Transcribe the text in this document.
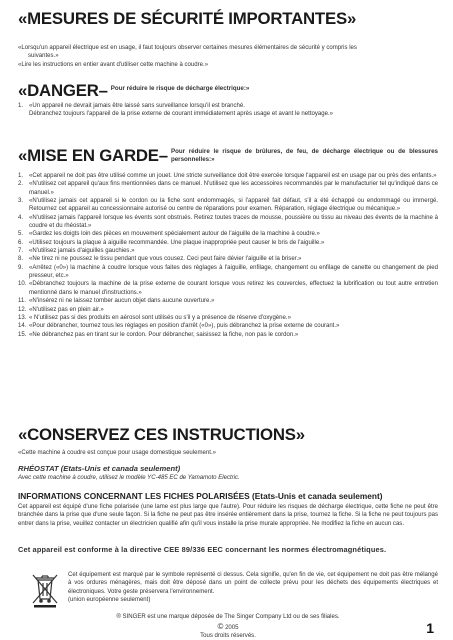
«MESURES DE SÉCURITÉ IMPORTANTES»
«Lorsqu'un appareil électrique est en usage, il faut toujours observer certaines mesures élémentaires de sécurité y compris les
suivantes.»
«Lire les instructions en entier avant d'utiliser cette machine à coudre.»
«DANGER– Pour réduire le risque de décharge électrique:»
1. «Un appareil ne devrait jamais être laissé sans surveillance lorsqu'il est branché.
Débranchez toujours l'appareil de la prise externe de courant immédiatement après usage et avant le nettoyage.»
«MISE EN GARDE– Pour réduire le risque de brûlures, de feu, de décharge électrique ou de blessures personnelles:»
1. «Cet appareil ne doit pas être utilisé comme un jouet. Une stricte surveillance doit être exercée lorsque l'appareil est en usage par ou près des enfants.»
2. «N'utilisez cet appareil qu'aux fins mentionnées dans ce manuel. N'utilisez que les accessoires recommandés par le manufacturier tel qu'indiqué dans ce manuel.»
3. «N'utilisez jamais cet appareil si le cordon ou la fiche sont endommagés, si l'appareil fait défaut, s'il a été échappé ou endommagé ou immergé. Retournez cet appareil au concessionnaire autorisé ou centre de réparations pour examen. Réparation, réglage électrique ou mécanique.»
4. «N'utilisez jamais l'appareil lorsque les évents sont obstrués. Retirez toutes traces de mousse, poussière ou tissu au niveau des évents de la machine à coudre et du rhéostat.»
5. «Gardez les doigts loin des pièces en mouvement spécialement autour de l'aiguille de la machine à coudre.»
6. «Utilisez toujours la plaque à aiguille recommandée. Une plaque inappropriée peut causer le bris de l'aiguille.»
7. «N'utilisez jamais d'aiguilles gauchies.»
8. «Ne tirez ni ne poussez le tissu pendant que vous cousez. Ceci peut faire dévier l'aiguille et la briser.»
9. «Arrêtez («0») la machine à coudre lorsque vous faites des réglages à l'aiguille, enfilage, changement ou enfilage de canette ou changement de pied presseur, etc.»
10. «Débranchez toujours la machine de la prise externe de courant lorsque vous retirez les couvercles, effectuez la lubrification ou tout autre entretien mentionné dans le manuel d'instructions.»
11. «N'insérez ni ne laissez tomber aucun objet dans aucune ouverture.»
12. «N'utilisez pas en plein air.»
13. « N'utilisez pas si des produits en aérosol sont utilisés ou s'il y a présence de réserve d'oxygène.»
14. «Pour débrancher, tournez tous les réglages en position d'arrêt («0»), puis débranchez la prise externe de courant.»
15. «Ne débranchez pas en tirant sur le cordon. Pour débrancher, saisissez la fiche, non pas le cordon.»
«CONSERVEZ CES INSTRUCTIONS»
«Cette machine à coudre est conçue pour usage domestique seulement.»
RHÉOSTAT (Etats-Unis et canada seulement)
Avec cette machine à coudre, utilisez le modèle YC-485 EC de Yamamoto Electric.
INFORMATIONS CONCERNANT LES FICHES POLARISÉES (Etats-Unis et canada seulement)
Cet appareil est équipé d'une fiche polarisée (une lame est plus large que l'autre). Pour réduire les risques de décharge électrique, cette fiche ne peut être branchée dans la prise que d'une seule façon. Si la fiche ne peut pas être insérée entièrement dans la prise, tournez la fiche. Si la fiche ne peut toujours pas entrer dans la prise, veuillez contacter un électricien qualifié afin qu'il vous installe la prise murale appropriée. Ne modifiez la fiche en aucun cas.
Cet appareil est conforme à la directive CEE 89/336 EEC concernant les normes électromagnétiques.
Cet équipement est marqué par le symbole représenté ci dessus. Cela signifie, qu'en fin de vie, cet équipement ne doit pas être mélangé à vos ordures ménagères, mais doit être déposé dans un point de collecte prévu pour les déchets des équipements électriques et électroniques. Votre geste préservera l'environnement.
(union européenne seulement)
® SINGER est une marque déposée de The Singer Company Ltd ou de ses filiales.
© 2005
Tous droits réservés.	1
